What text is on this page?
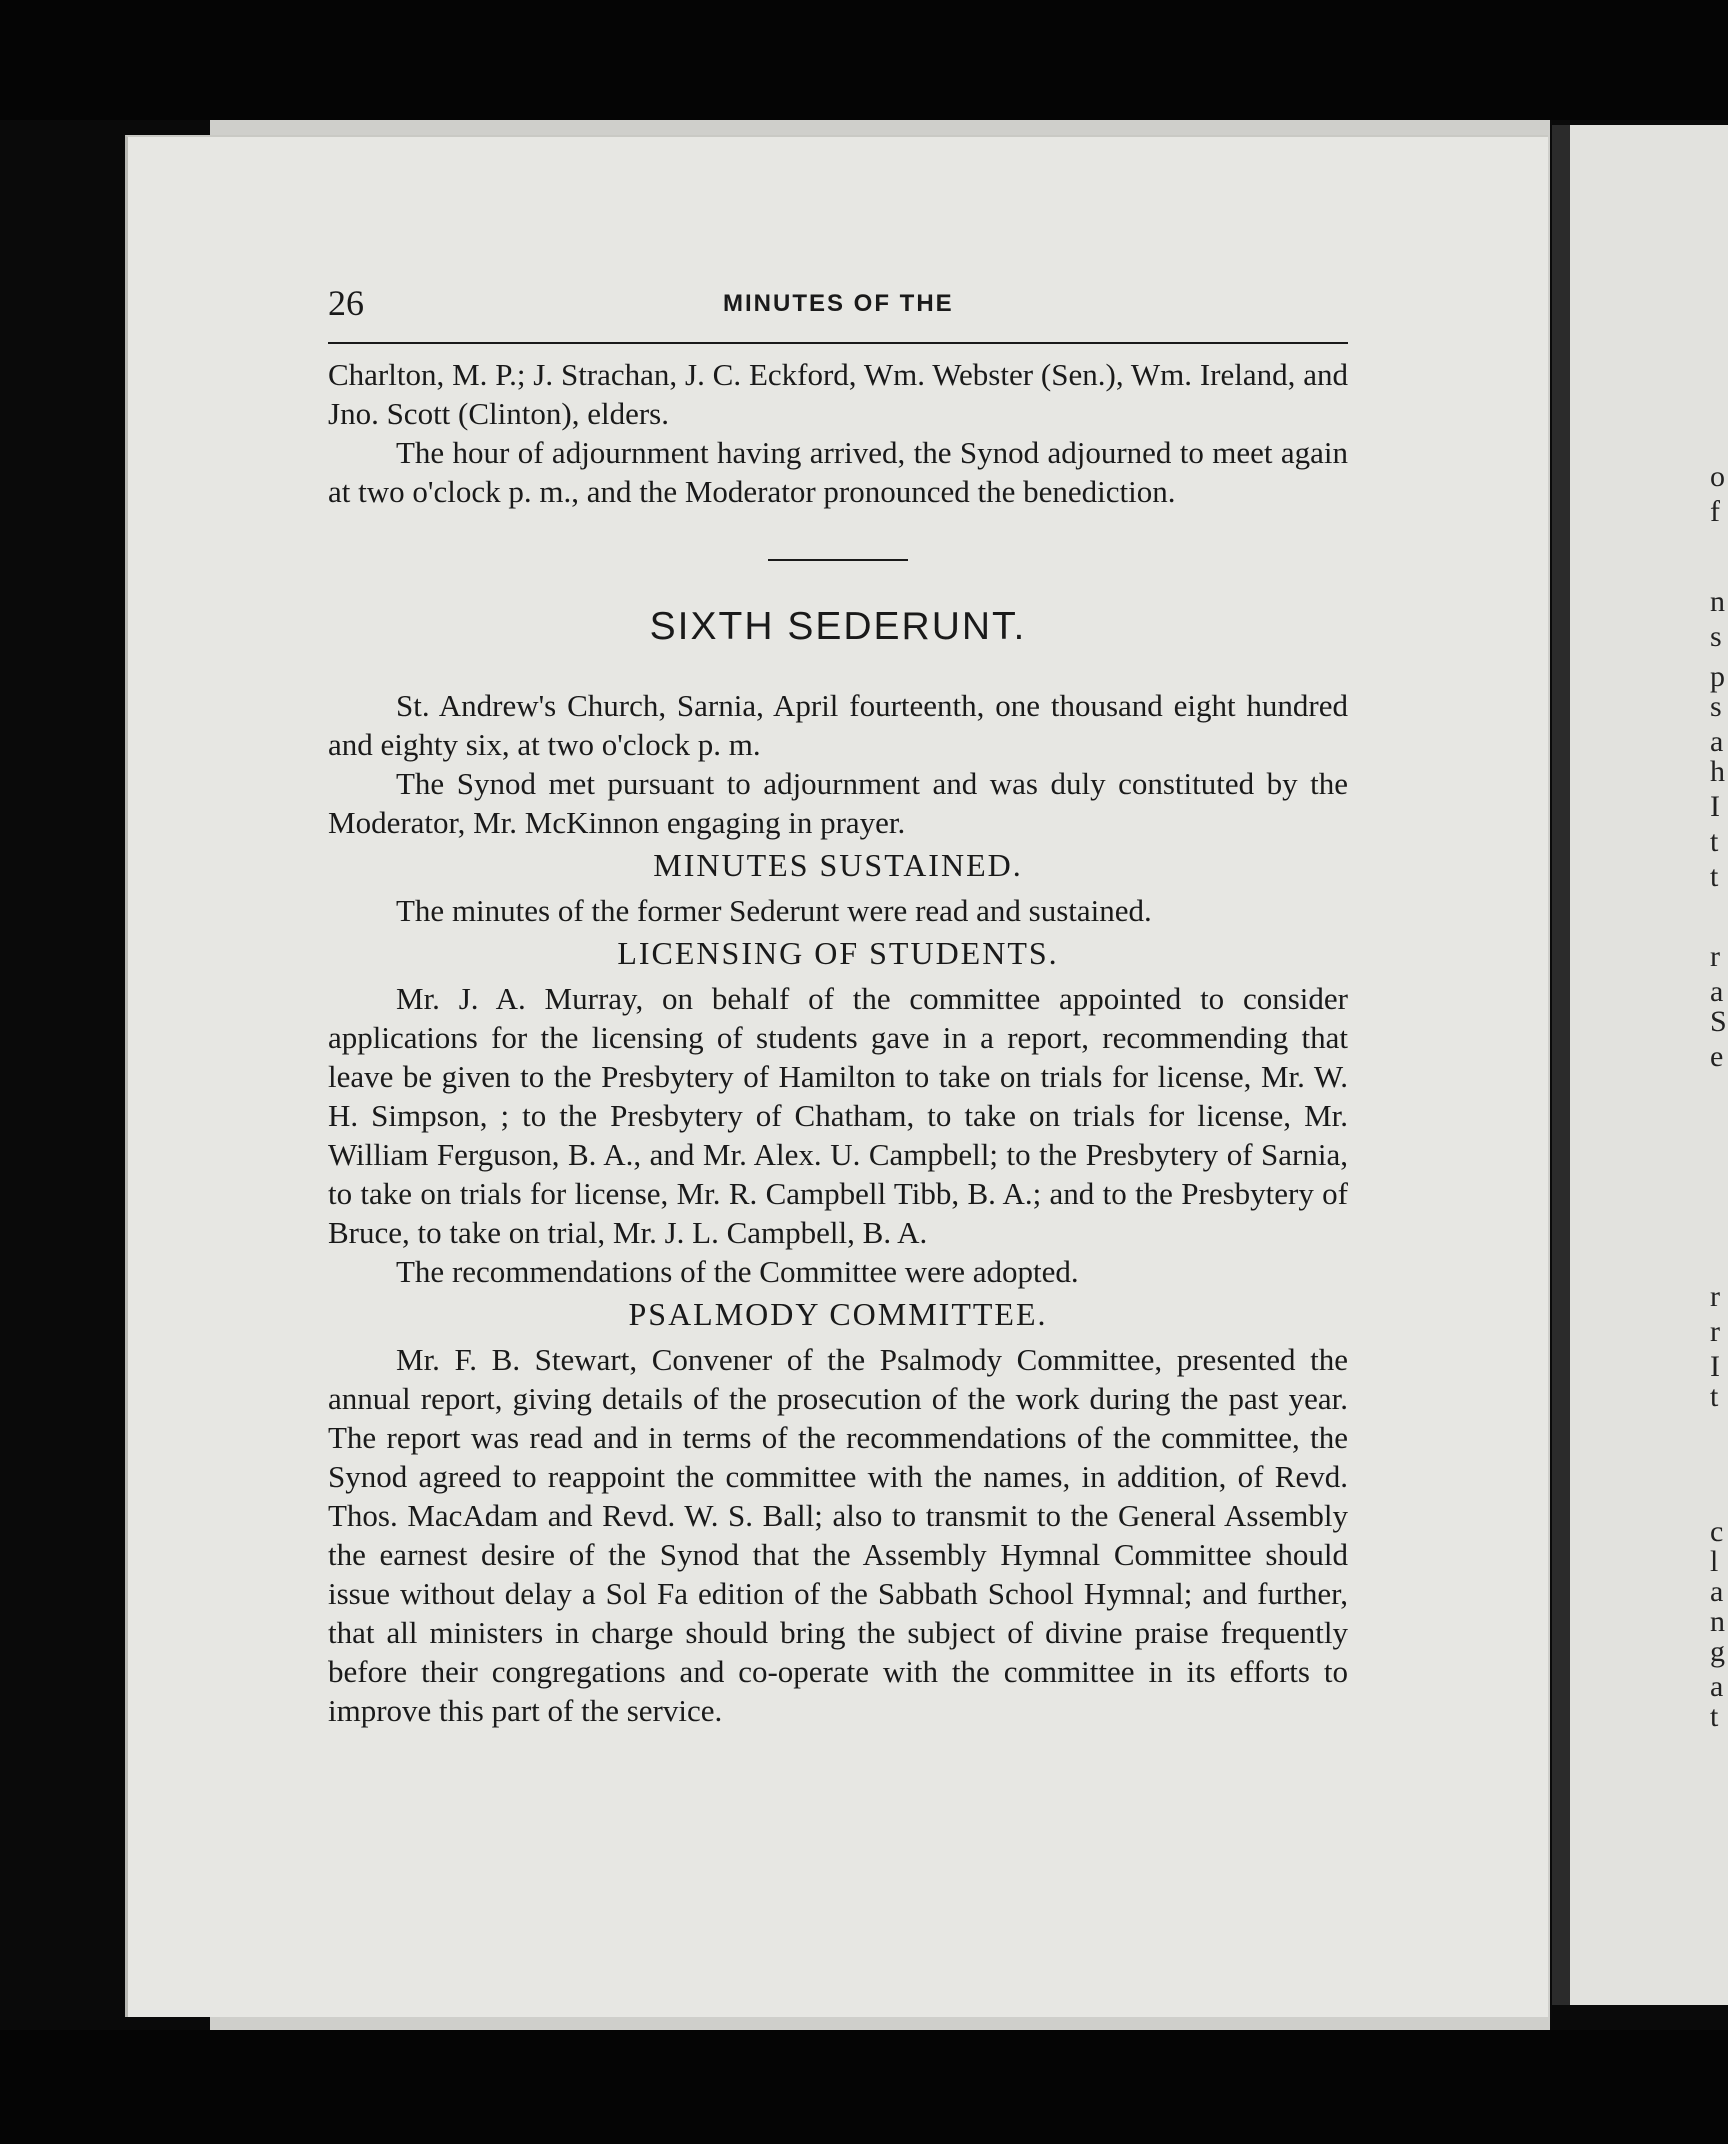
26	MINUTES OF THE

Charlton, M. P.; J. Strachan, J. C. Eckford, Wm. Webster (Sen.), Wm. Ireland, and Jno. Scott (Clinton), elders.

The hour of adjournment having arrived, the Synod adjourned to meet again at two o'clock p. m., and the Moderator pronounced the benediction.

SIXTH SEDERUNT.

St. Andrew's Church, Sarnia, April fourteenth, one thousand eight hundred and eighty six, at two o'clock p. m.

The Synod met pursuant to adjournment and was duly constituted by the Moderator, Mr. McKinnon engaging in prayer.

MINUTES SUSTAINED.

The minutes of the former Sederunt were read and sustained.

LICENSING OF STUDENTS.

Mr. J. A. Murray, on behalf of the committee appointed to consider applications for the licensing of students gave in a report, recommending that leave be given to the Presbytery of Hamilton to take on trials for license, Mr. W. H. Simpson, ; to the Presbytery of Chatham, to take on trials for license, Mr. William Ferguson, B. A., and Mr. Alex. U. Campbell; to the Presbytery of Sarnia, to take on trials for license, Mr. R. Campbell Tibb, B. A.; and to the Presbytery of Bruce, to take on trial, Mr. J. L. Campbell, B. A.

The recommendations of the Committee were adopted.

PSALMODY COMMITTEE.

Mr. F. B. Stewart, Convener of the Psalmody Committee, presented the annual report, giving details of the prosecution of the work during the past year. The report was read and in terms of the recommendations of the committee, the Synod agreed to reappoint the committee with the names, in addition, of Revd. Thos. MacAdam and Revd. W. S. Ball; also to transmit to the General Assembly the earnest desire of the Synod that the Assembly Hymnal Committee should issue without delay a Sol Fa edition of the Sabbath School Hymnal; and further, that all ministers in charge should bring the subject of divine praise frequently before their congregations and co-operate with the committee in its efforts to improve this part of the service.

o
f
n
s
p
s
a
h
I
t
t
r
a
S
e
r
r
I
t
c
l
a
n
g
a
t
